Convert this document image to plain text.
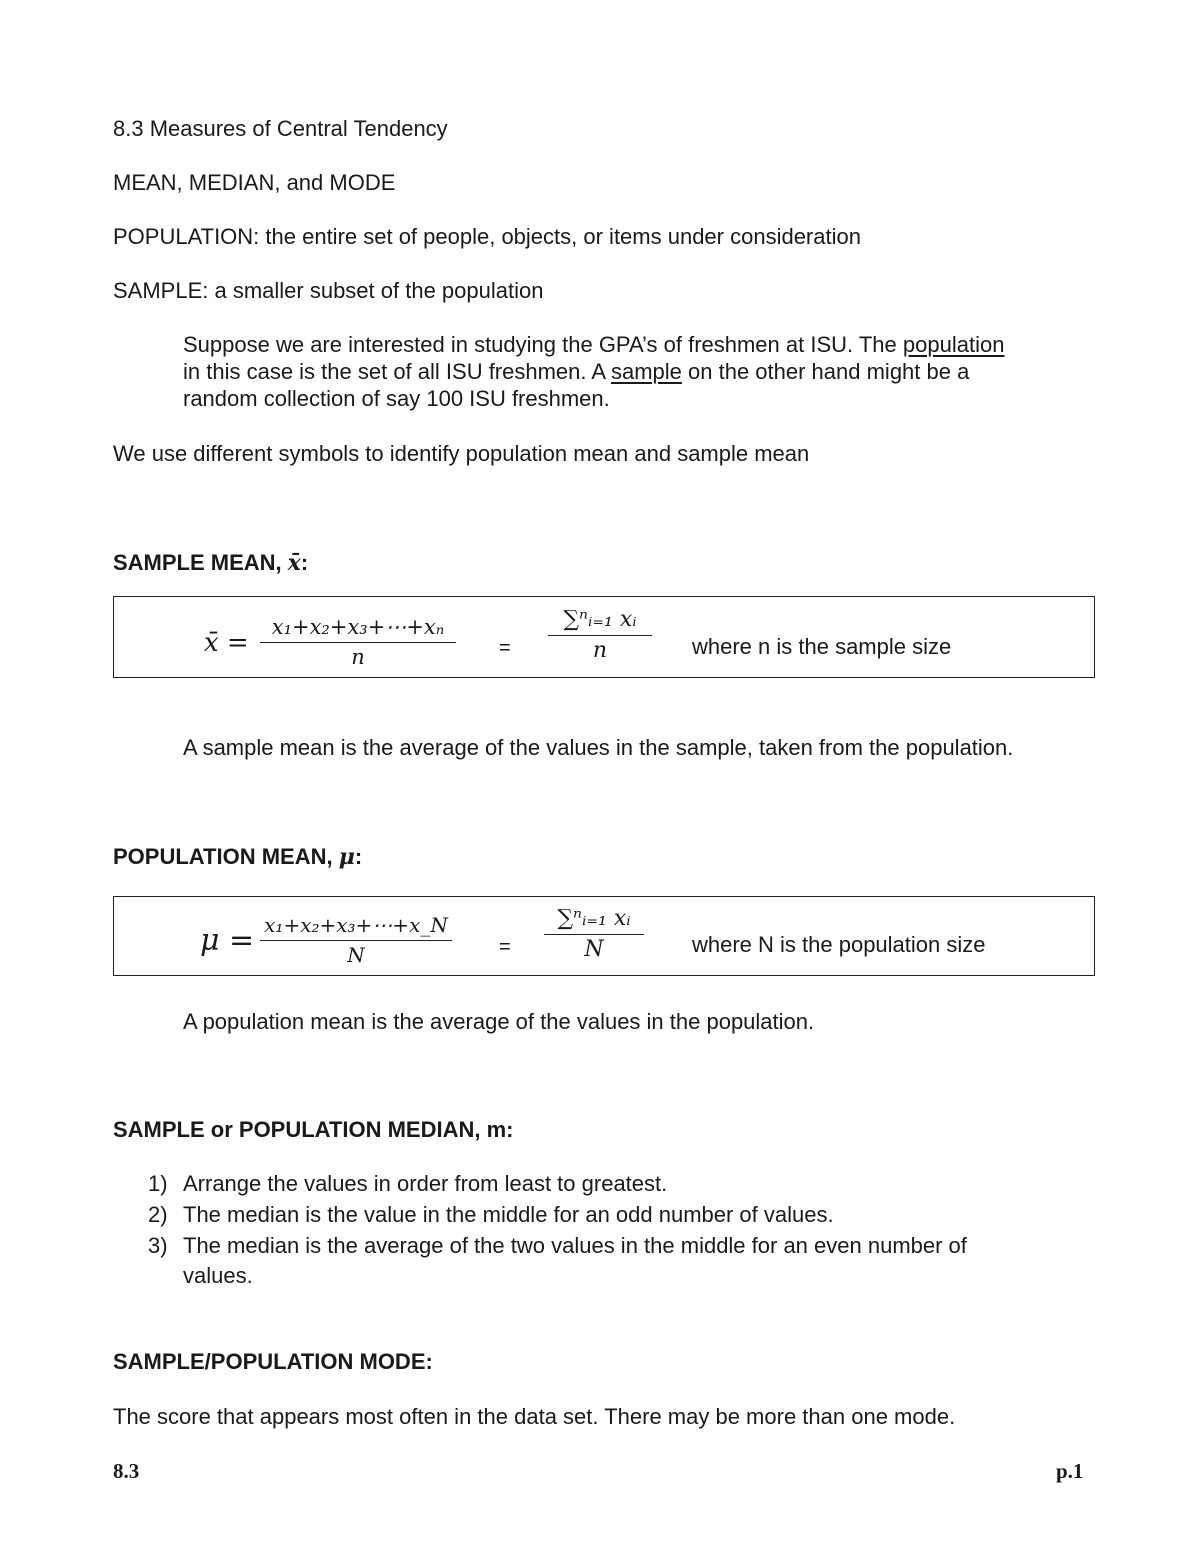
8.3 Measures of Central Tendency
MEAN, MEDIAN, and MODE
POPULATION: the entire set of people, objects, or items under consideration
SAMPLE: a smaller subset of the population
Suppose we are interested in studying the GPA’s of freshmen at ISU. The population
in this case is the set of all ISU freshmen. A sample on the other hand might be a
random collection of say 100 ISU freshmen.
We use different symbols to identify population mean and sample mean
SAMPLE MEAN, x̄:
x̄ = $\frac{\text{x₁+x₂+x₃+⋯+xₙ}}{n} = \frac{\text{∑ⁿᵢ₌₁ xᵢ}}{n}$ where n is the sample size
A sample mean is the average of the values in the sample, taken from the population.
POPULATION MEAN, μ:
$\mu = \frac{\text{x₁+x₂+x₃+⋯+x\_N}}{N} = \frac{\text{∑ⁿᵢ₌₁ xᵢ}}{N}$ where N is the population size
A population mean is the average of the values in the population.
SAMPLE or POPULATION MEDIAN, m:
1) Arrange the values in order from least to greatest.
2) The median is the value in the middle for an odd number of values.
3) The median is the average of the two values in the middle for an even number of
values.
SAMPLE/POPULATION MODE:
The score that appears most often in the data set. There may be more than one mode.
8.3	p.1
